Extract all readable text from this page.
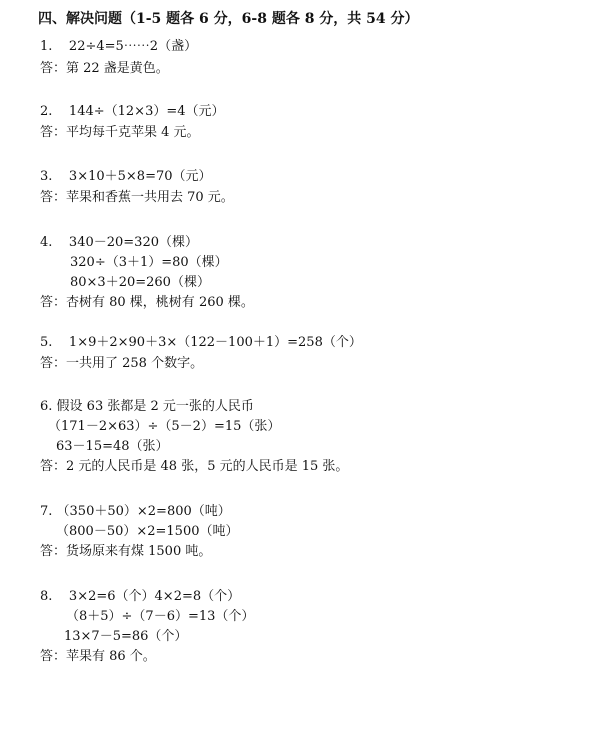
四、解决问题（1-5 题各 6 分，6-8 题各 8 分，共 54 分）
1.    22÷4=5⋯⋯2（盏）
答：第 22 盏是黄色。
2.    144÷（12×3）=4（元）
答：平均每千克苹果 4 元。
3.    3×10＋5×8=70（元）
答：苹果和香蕉一共用去 70 元。
4.    340－20=320（棵）
320÷（3＋1）=80（棵）
80×3＋20=260（棵）
答：杏树有 80 棵，桃树有 260 棵。
5.    1×9＋2×90＋3×（122－100＋1）=258（个）
答：一共用了 258 个数字。
6. 假设 63 张都是 2 元一张的人民币
（171－2×63）÷（5－2）=15（张）
63－15=48（张）
答：2 元的人民币是 48 张，5 元的人民币是 15 张。
7. （350＋50）×2=800（吨）
（800－50）×2=1500（吨）
答：货场原来有煤 1500 吨。
8.    3×2=6（个）4×2=8（个）
（8＋5）÷（7－6）=13（个）
13×7－5=86（个）
答：苹果有 86 个。
